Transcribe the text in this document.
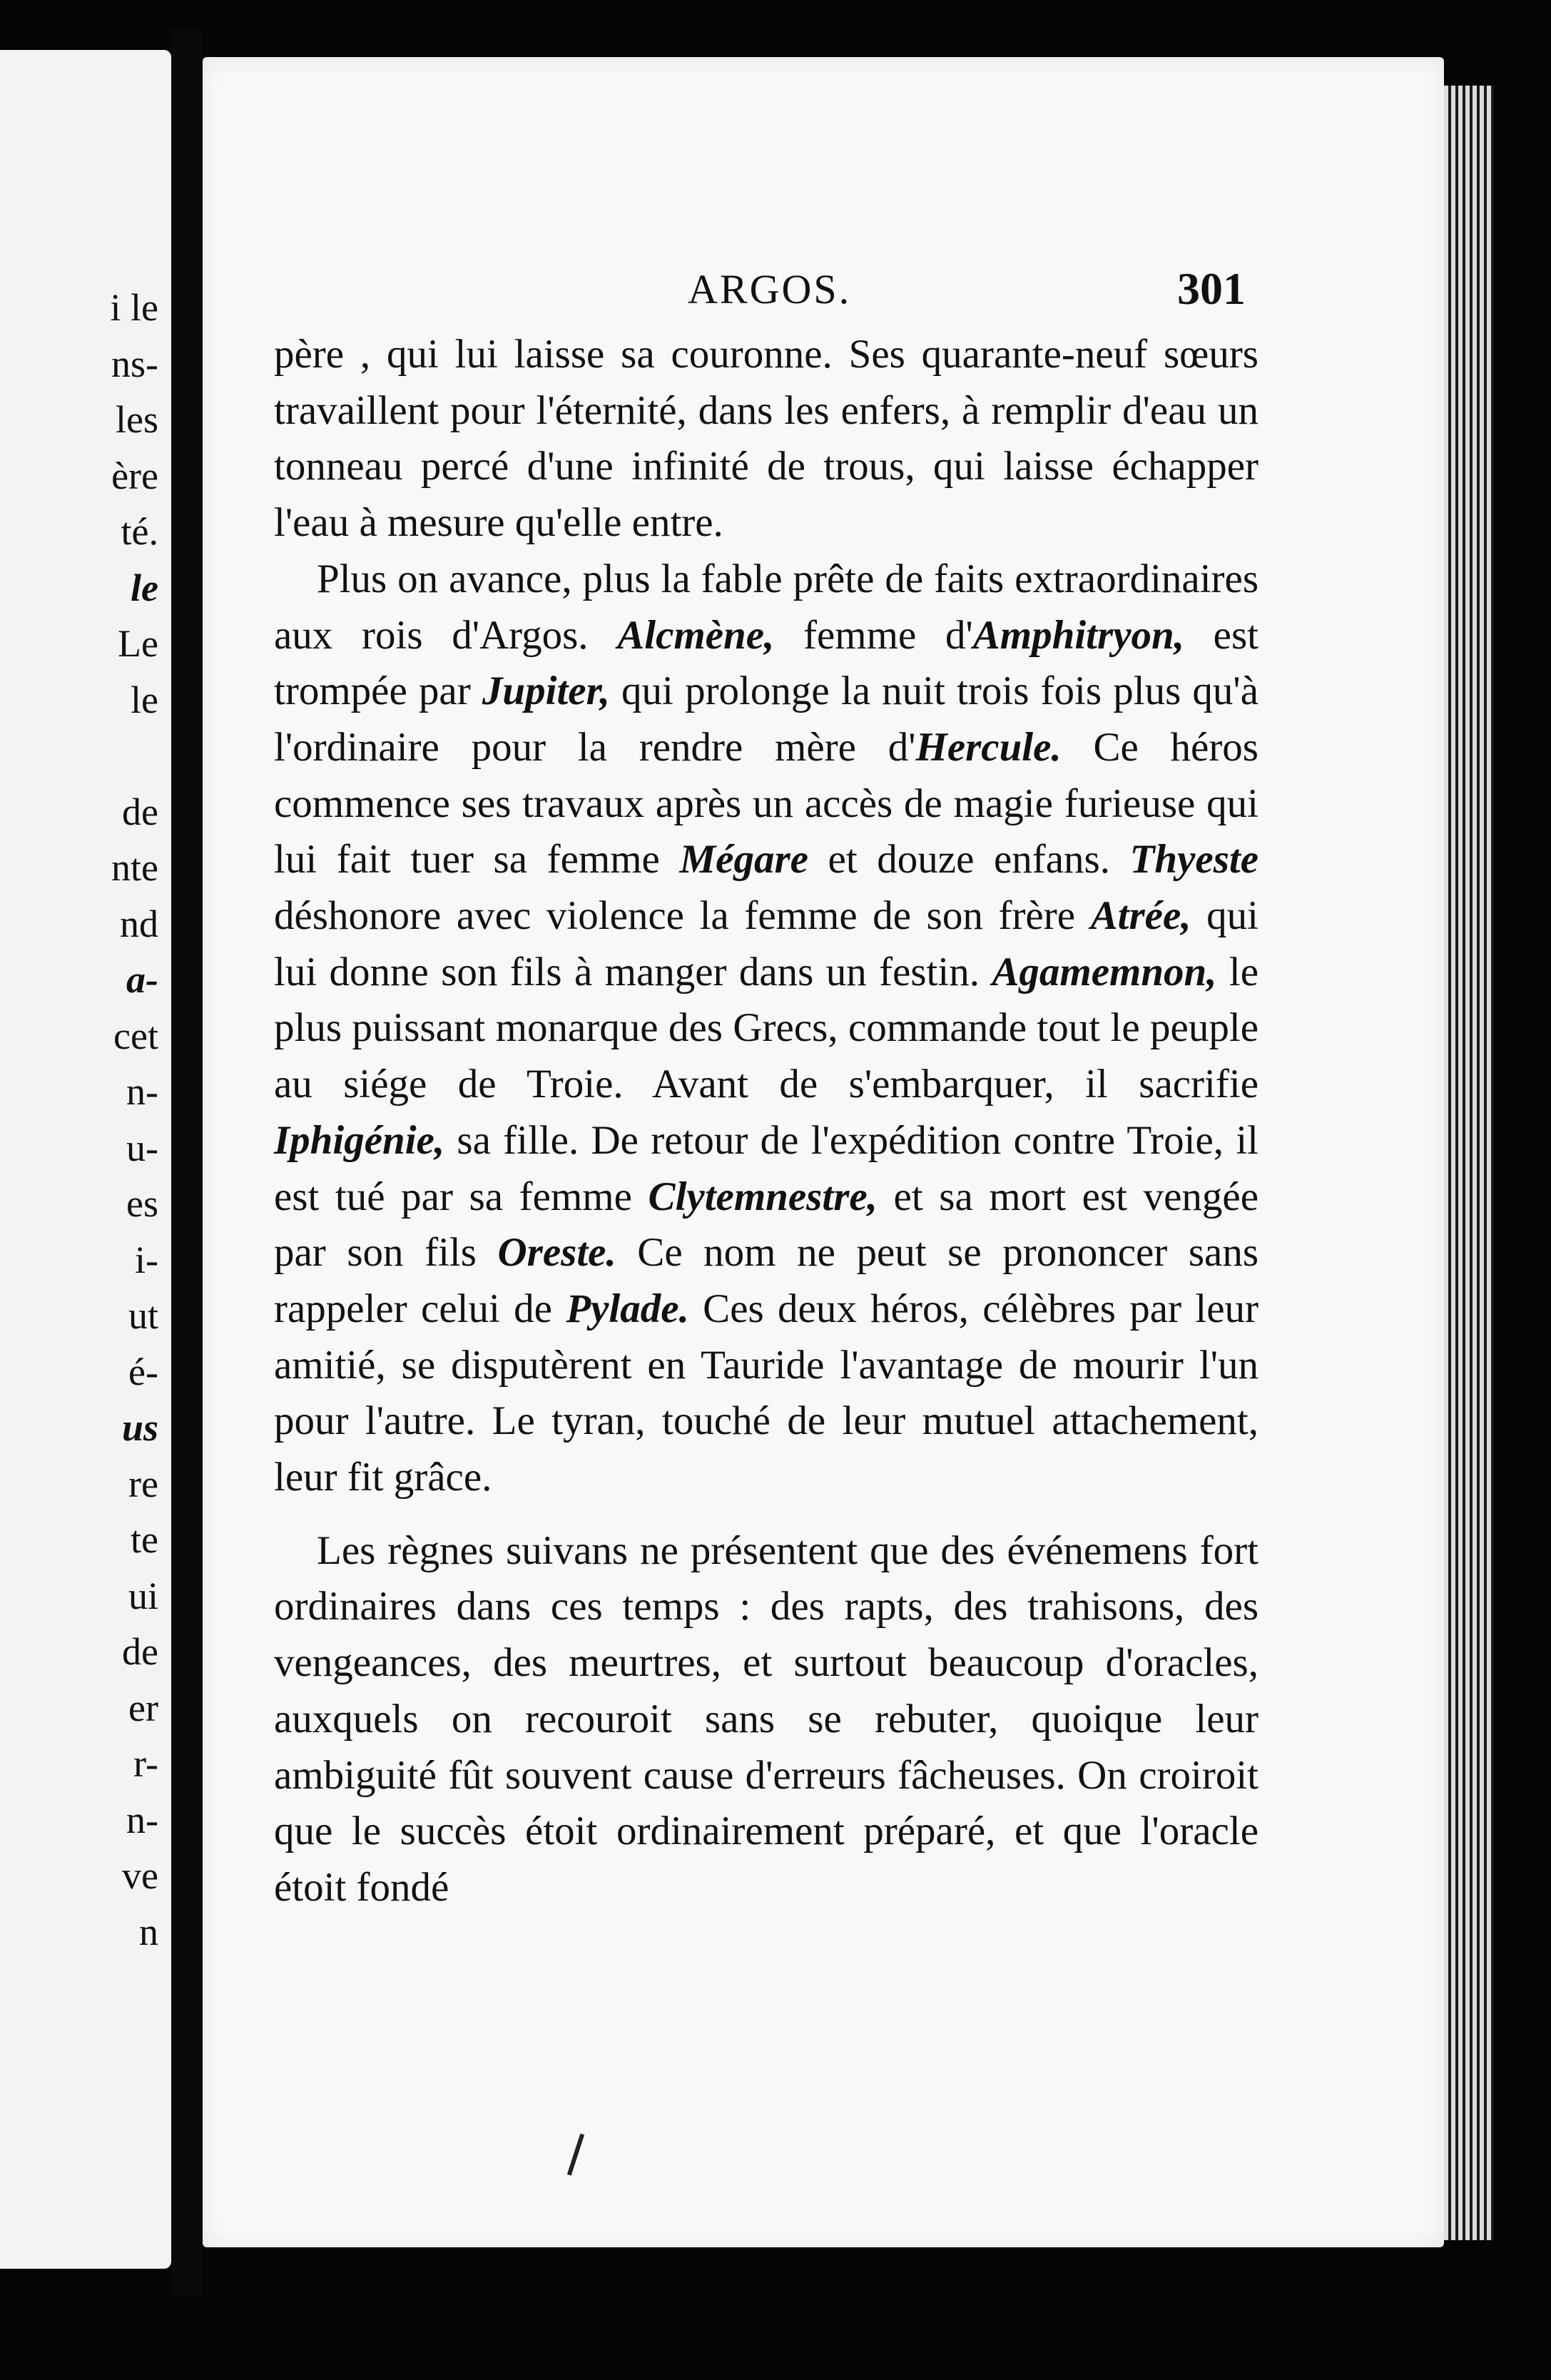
i le
ns-
les
ère
té.
le
Le
le
de
nte
nd
a-
cet
n-
u-
es
i-
ut
é-
us
re
te
ui
de
er
r-
n-
ve
n
ARGOS.	301

père , qui lui laisse sa couronne. Ses quarante-neuf sœurs travaillent pour l'éternité, dans les enfers, à remplir d'eau un tonneau percé d'une infinité de trous, qui laisse échapper l'eau à mesure qu'elle entre.

Plus on avance, plus la fable prête de faits extraordinaires aux rois d'Argos. Alcmène, femme d'Amphitryon, est trompée par Jupiter, qui prolonge la nuit trois fois plus qu'à l'ordinaire pour la rendre mère d'Hercule. Ce héros commence ses travaux après un accès de magie furieuse qui lui fait tuer sa femme Mégare et douze enfans. Thyeste déshonore avec violence la femme de son frère Atrée, qui lui donne son fils à manger dans un festin. Agamemnon, le plus puissant monarque des Grecs, commande tout le peuple au siége de Troie. Avant de s'embarquer, il sacrifie Iphigénie, sa fille. De retour de l'expédition contre Troie, il est tué par sa femme Clytemnestre, et sa mort est vengée par son fils Oreste. Ce nom ne peut se prononcer sans rappeler celui de Pylade. Ces deux héros, célèbres par leur amitié, se disputèrent en Tauride l'avantage de mourir l'un pour l'autre. Le tyran, touché de leur mutuel attachement, leur fit grâce.

Les règnes suivans ne présentent que des événemens fort ordinaires dans ces temps : des rapts, des trahisons, des vengeances, des meurtres, et surtout beaucoup d'oracles, auxquels on recouroit sans se rebuter, quoique leur ambiguité fût souvent cause d'erreurs fâcheuses. On croiroit que le succès étoit ordinairement préparé, et que l'oracle étoit fondé
